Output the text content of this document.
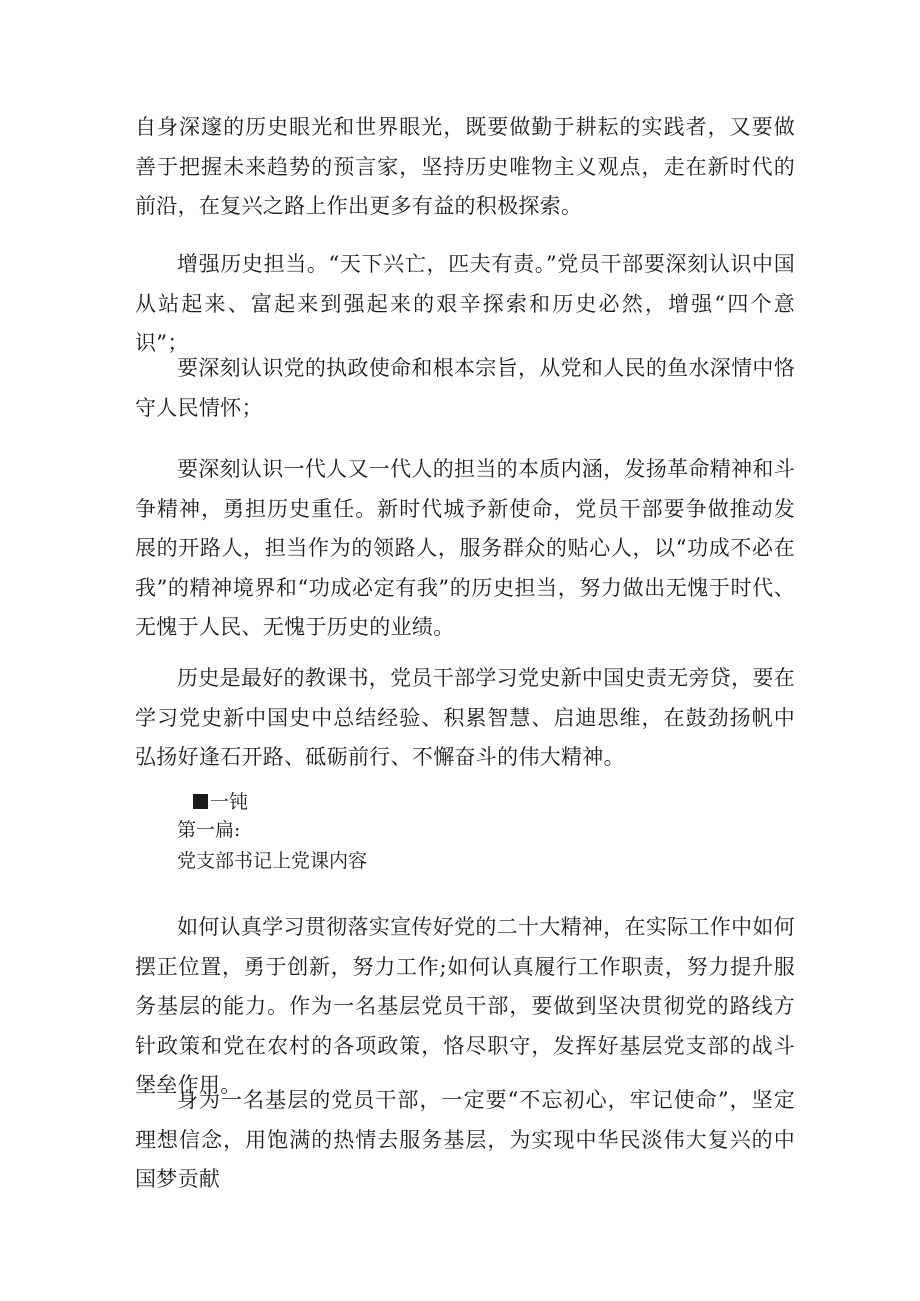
自身深邃的历史眼光和世界眼光，既要做勤于耕耘的实践者，又要做善于把握未来趋势的预言家，坚持历史唯物主义观点，走在新时代的前沿，在复兴之路上作出更多有益的积极探索。

增强历史担当。“天下兴亡，匹夫有责。”党员干部要深刻认识中国从站起来、富起来到强起来的艰辛探索和历史必然，增强“四个意识”；

要深刻认识党的执政使命和根本宗旨，从党和人民的鱼水深情中恪守人民情怀；

要深刻认识一代人又一代人的担当的本质内涵，发扬革命精神和斗争精神，勇担历史重任。新时代城予新使命，党员干部要争做推动发展的开路人，担当作为的领路人，服务群众的贴心人，以“功成不必在我”的精神境界和“功成必定有我”的历史担当，努力做出无愧于时代、无愧于人民、无愧于历史的业绩。

历史是最好的教课书，党员干部学习党史新中国史责无旁贷，要在学习党史新中国史中总结经验、积累智慧、启迪思维，在鼓劲扬帆中弘扬好逢石开路、砥砺前行、不懈奋斗的伟大精神。

一钝
第一扁:
党支部书记上党课内容

如何认真学习贯彻落实宣传好党的二十大精神，在实际工作中如何摆正位置，勇于创新，努力工作;如何认真履行工作职责，努力提升服务基层的能力。作为一名基层党员干部，要做到坚决贯彻党的路线方针政策和党在农村的各项政策，恪尽职守，发挥好基层党支部的战斗堡垒作用。

身为一名基层的党员干部，一定要“不忘初心，牢记使命”，坚定理想信念，用饱满的热情去服务基层，为实现中华民淡伟大复兴的中国梦贡献
